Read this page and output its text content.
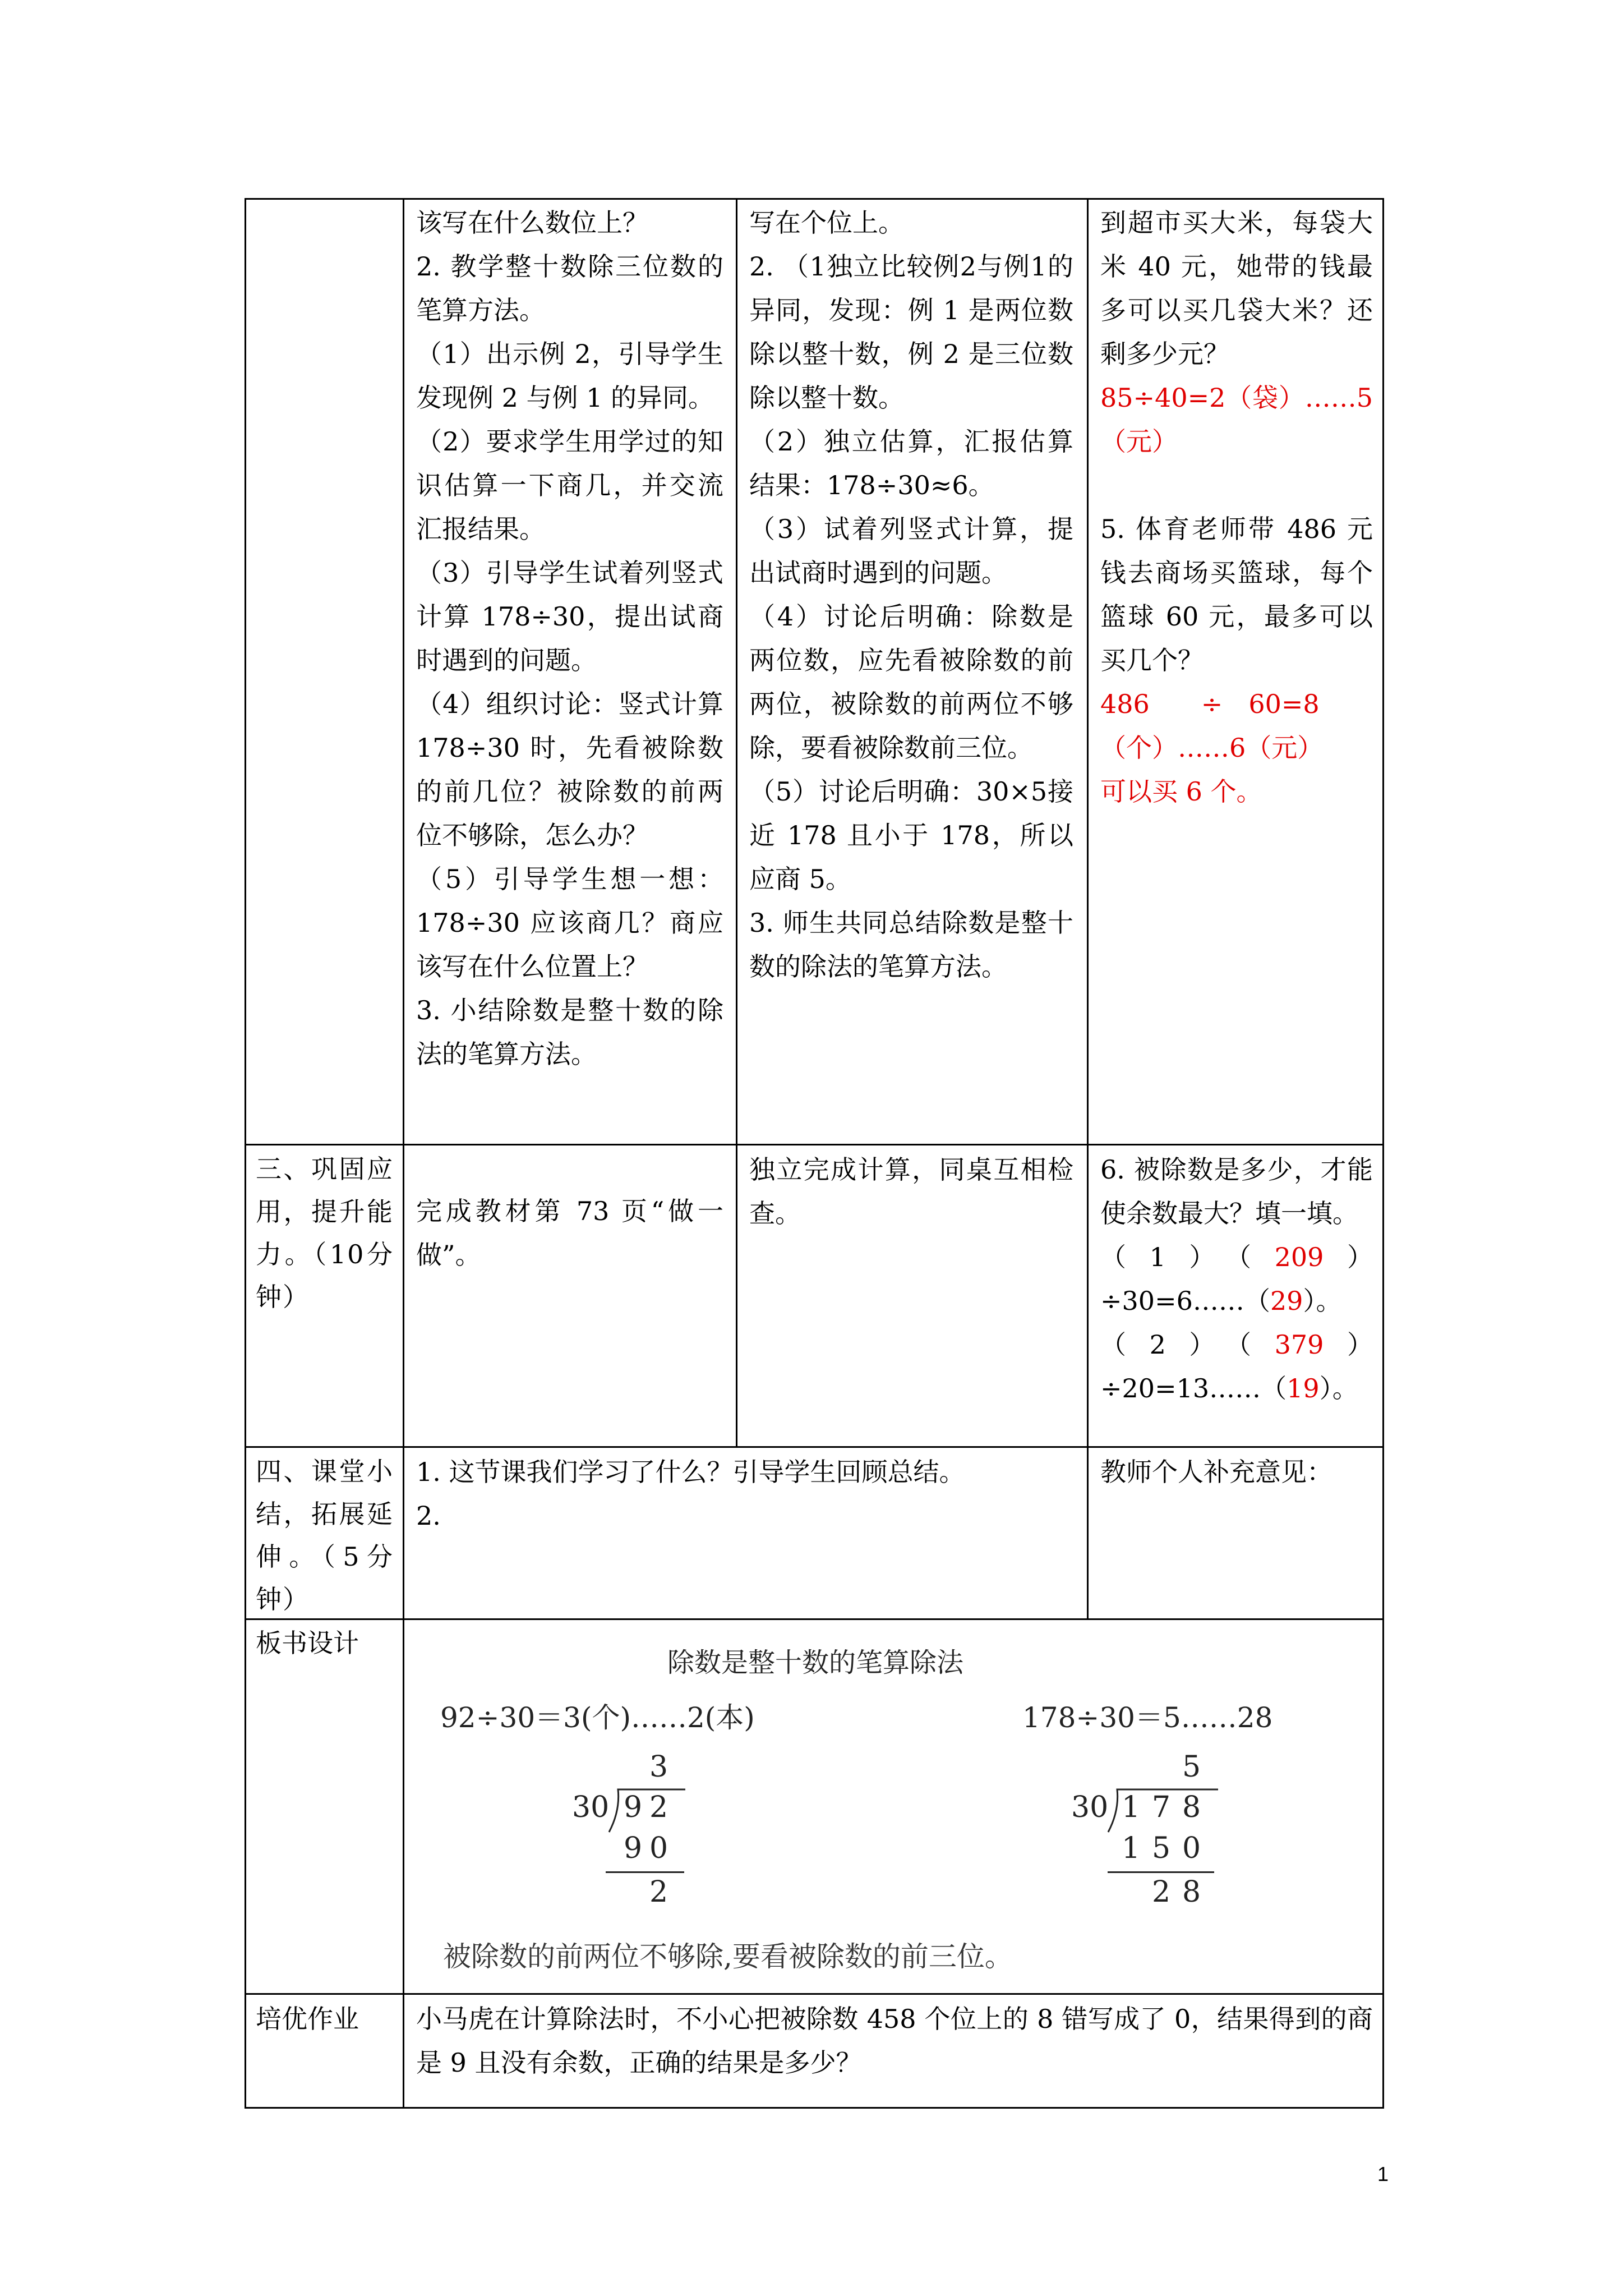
该写在什么数位上？

2. 教学整十数除三位数的笔算方法。

（1）出示例 2，引导学生发现例 2 与例 1 的异同。

（2）要求学生用学过的知识估算一下商几，并交流汇报结果。

（3）引导学生试着列竖式计算 178÷30，提出试商时遇到的问题。

（4）组织讨论：竖式计算 178÷30 时，先看被除数的前几位？被除数的前两位不够除，怎么办？

（5）引导学生想一想：178÷30 应该商几？商应该写在什么位置上？

3. 小结除数是整十数的除法的笔算方法。

写在个位上。

2. （1独立比较例2与例1的异同，发现：例 1 是两位数除以整十数，例 2 是三位数除以整十数。

（2）独立估算，汇报估算结果：178÷30≈6。

（3）试着列竖式计算，提出试商时遇到的问题。

（4）讨论后明确：除数是两位数，应先看被除数的前两位，被除数的前两位不够除，要看被除数前三位。

（5）讨论后明确：30×5接近 178 且小于 178，所以应商 5。

3. 师生共同总结除数是整十数的除法的笔算方法。

到超市买大米，每袋大米 40 元，她带的钱最多可以买几袋大米？还剩多少元？

85÷40=2（袋）……5（元）

5. 体育老师带 486 元钱去商场买篮球，每个篮球 60 元，最多可以买几个？

486　　÷　60=8

（个）……6（元）

可以买 6 个。

三、巩固应用，提升能力。（10分钟）
完成教材第 73 页“做一做”。
独立完成计算，同桌互相检查。

6. 被除数是多少，才能使余数最大？填一填。

（1）（209）÷30=6……（29）。

（2）（379）÷20=13……（19）。

四、课堂小结，拓展延伸。（5分钟）

1. 这节课我们学习了什么？引导学生回顾总结。

2.

教师个人补充意见：
板书设计
除数是整十数的笔算除法
92÷30＝3(个)……2(本)	178÷30＝5……28
3
30 9 2
9 0
2
5
30 1 7 8
1 5 0
2 8
被除数的前两位不够除,要看被除数的前三位。
培优作业	小马虎在计算除法时，不小心把被除数 458 个位上的 8 错写成了 0，结果得到的商是 9 且没有余数，正确的结果是多少？
1
